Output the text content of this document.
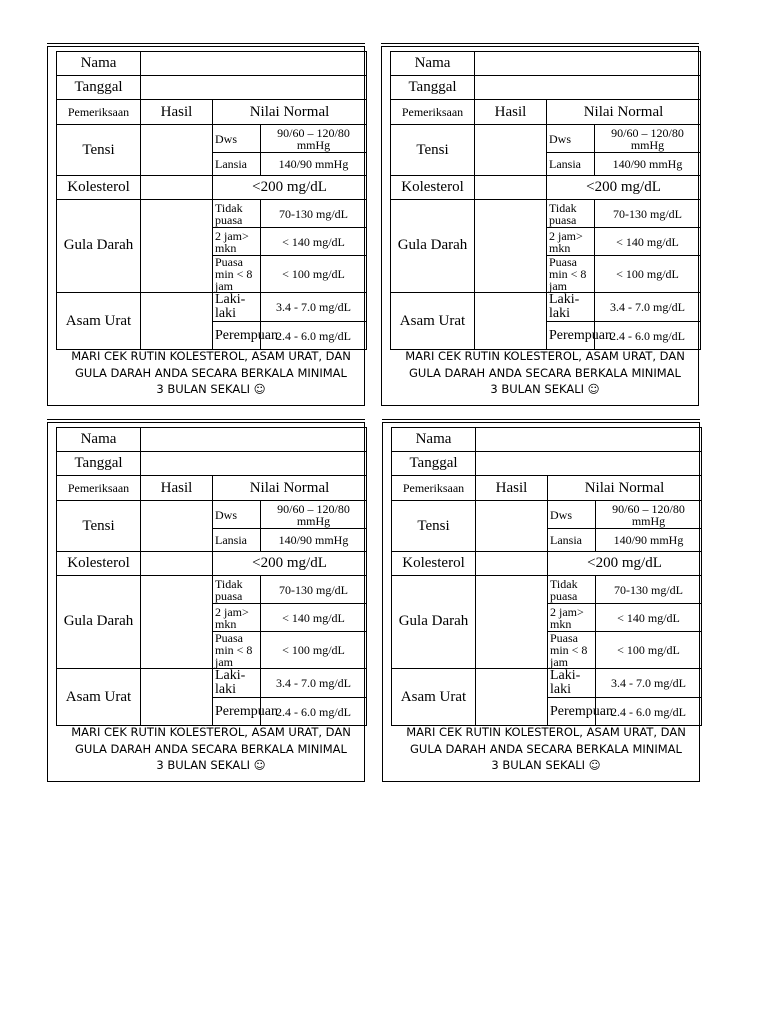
Nama			
Tanggal			
Pemeriksaan	Hasil	Nilai Normal	
Tensi		Dws	90/60 – 120/80 mmHg
		Lansia	140/90 mmHg
Kolesterol		<200 mg/dL	
Gula Darah		Tidak puasa	70-130 mg/dL
		2 jam> mkn	< 140 mg/dL
		Puasa min < 8 jam	< 100 mg/dL
Asam Urat		Laki-laki	3.4 - 7.0 mg/dL
		Perempuan	2.4 - 6.0 mg/dL
MARI CEK RUTIN KOLESTEROL, ASAM URAT, DAN
GULA DARAH ANDA SECARA BERKALA MINIMAL
3 BULAN SEKALI ☺
Nama			
Tanggal			
Pemeriksaan	Hasil	Nilai Normal	
Tensi		Dws	90/60 – 120/80 mmHg
		Lansia	140/90 mmHg
Kolesterol		<200 mg/dL	
Gula Darah		Tidak puasa	70-130 mg/dL
		2 jam> mkn	< 140 mg/dL
		Puasa min < 8 jam	< 100 mg/dL
Asam Urat		Laki-laki	3.4 - 7.0 mg/dL
		Perempuan	2.4 - 6.0 mg/dL
MARI CEK RUTIN KOLESTEROL, ASAM URAT, DAN
GULA DARAH ANDA SECARA BERKALA MINIMAL
3 BULAN SEKALI ☺
Nama			
Tanggal			
Pemeriksaan	Hasil	Nilai Normal	
Tensi		Dws	90/60 – 120/80 mmHg
		Lansia	140/90 mmHg
Kolesterol		<200 mg/dL	
Gula Darah		Tidak puasa	70-130 mg/dL
		2 jam> mkn	< 140 mg/dL
		Puasa min < 8 jam	< 100 mg/dL
Asam Urat		Laki-laki	3.4 - 7.0 mg/dL
		Perempuan	2.4 - 6.0 mg/dL
MARI CEK RUTIN KOLESTEROL, ASAM URAT, DAN
GULA DARAH ANDA SECARA BERKALA MINIMAL
3 BULAN SEKALI ☺
Nama			
Tanggal			
Pemeriksaan	Hasil	Nilai Normal	
Tensi		Dws	90/60 – 120/80 mmHg
		Lansia	140/90 mmHg
Kolesterol		<200 mg/dL	
Gula Darah		Tidak puasa	70-130 mg/dL
		2 jam> mkn	< 140 mg/dL
		Puasa min < 8 jam	< 100 mg/dL
Asam Urat		Laki-laki	3.4 - 7.0 mg/dL
		Perempuan	2.4 - 6.0 mg/dL
MARI CEK RUTIN KOLESTEROL, ASAM URAT, DAN
GULA DARAH ANDA SECARA BERKALA MINIMAL
3 BULAN SEKALI ☺
